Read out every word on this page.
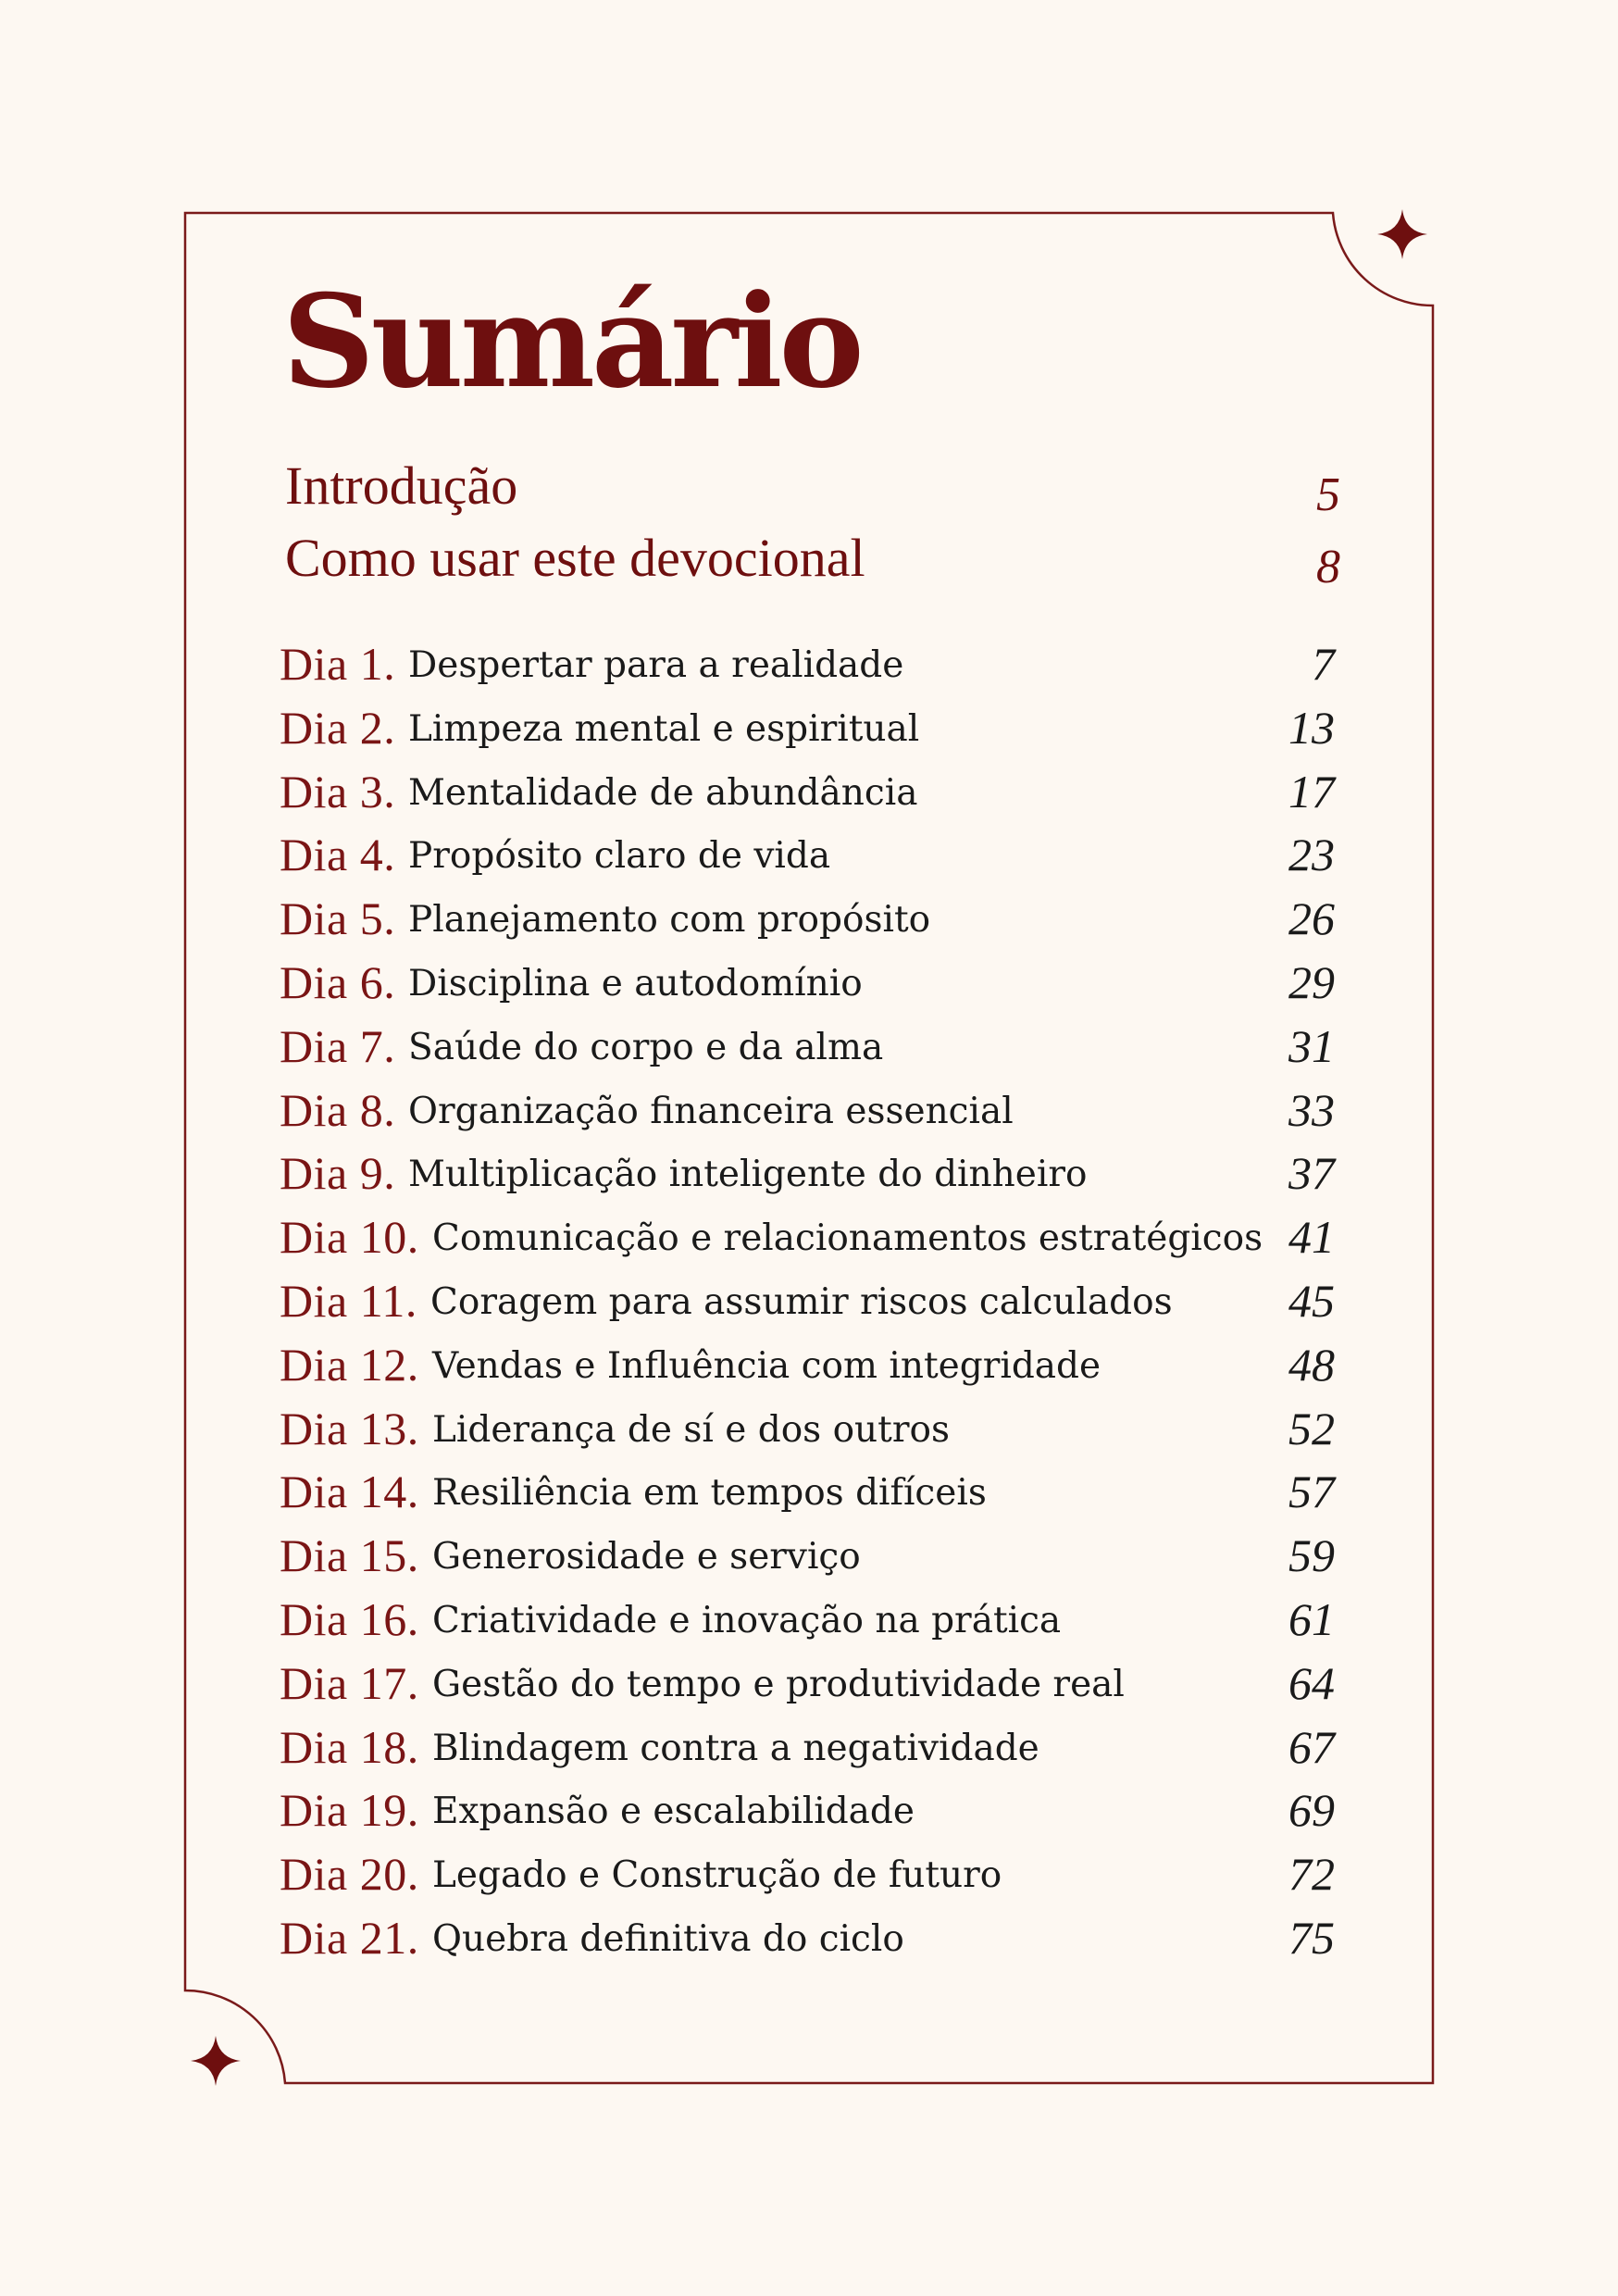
Sumário
Introdução	5
Como usar este devocional	8
Dia 1. Despertar para a realidade	7
Dia 2. Limpeza mental e espiritual	13
Dia 3. Mentalidade de abundância	17
Dia 4. Propósito claro de vida	23
Dia 5. Planejamento com propósito	26
Dia 6. Disciplina e autodomínio	29
Dia 7. Saúde do corpo e da alma	31
Dia 8. Organização financeira essencial	33
Dia 9. Multiplicação inteligente do dinheiro	37
Dia 10. Comunicação e relacionamentos estratégicos 41
Dia 11. Coragem para assumir riscos calculados	45
Dia 12. Vendas e Influência com integridade	48
Dia 13. Liderança de sí e dos outros	52
Dia 14. Resiliência em tempos difíceis	57
Dia 15. Generosidade e serviço	59
Dia 16. Criatividade e inovação na prática	61
Dia 17. Gestão do tempo e produtividade real	64
Dia 18. Blindagem contra a negatividade	67
Dia 19. Expansão e escalabilidade	69
Dia 20. Legado e Construção de futuro	72
Dia 21. Quebra definitiva do ciclo	75
